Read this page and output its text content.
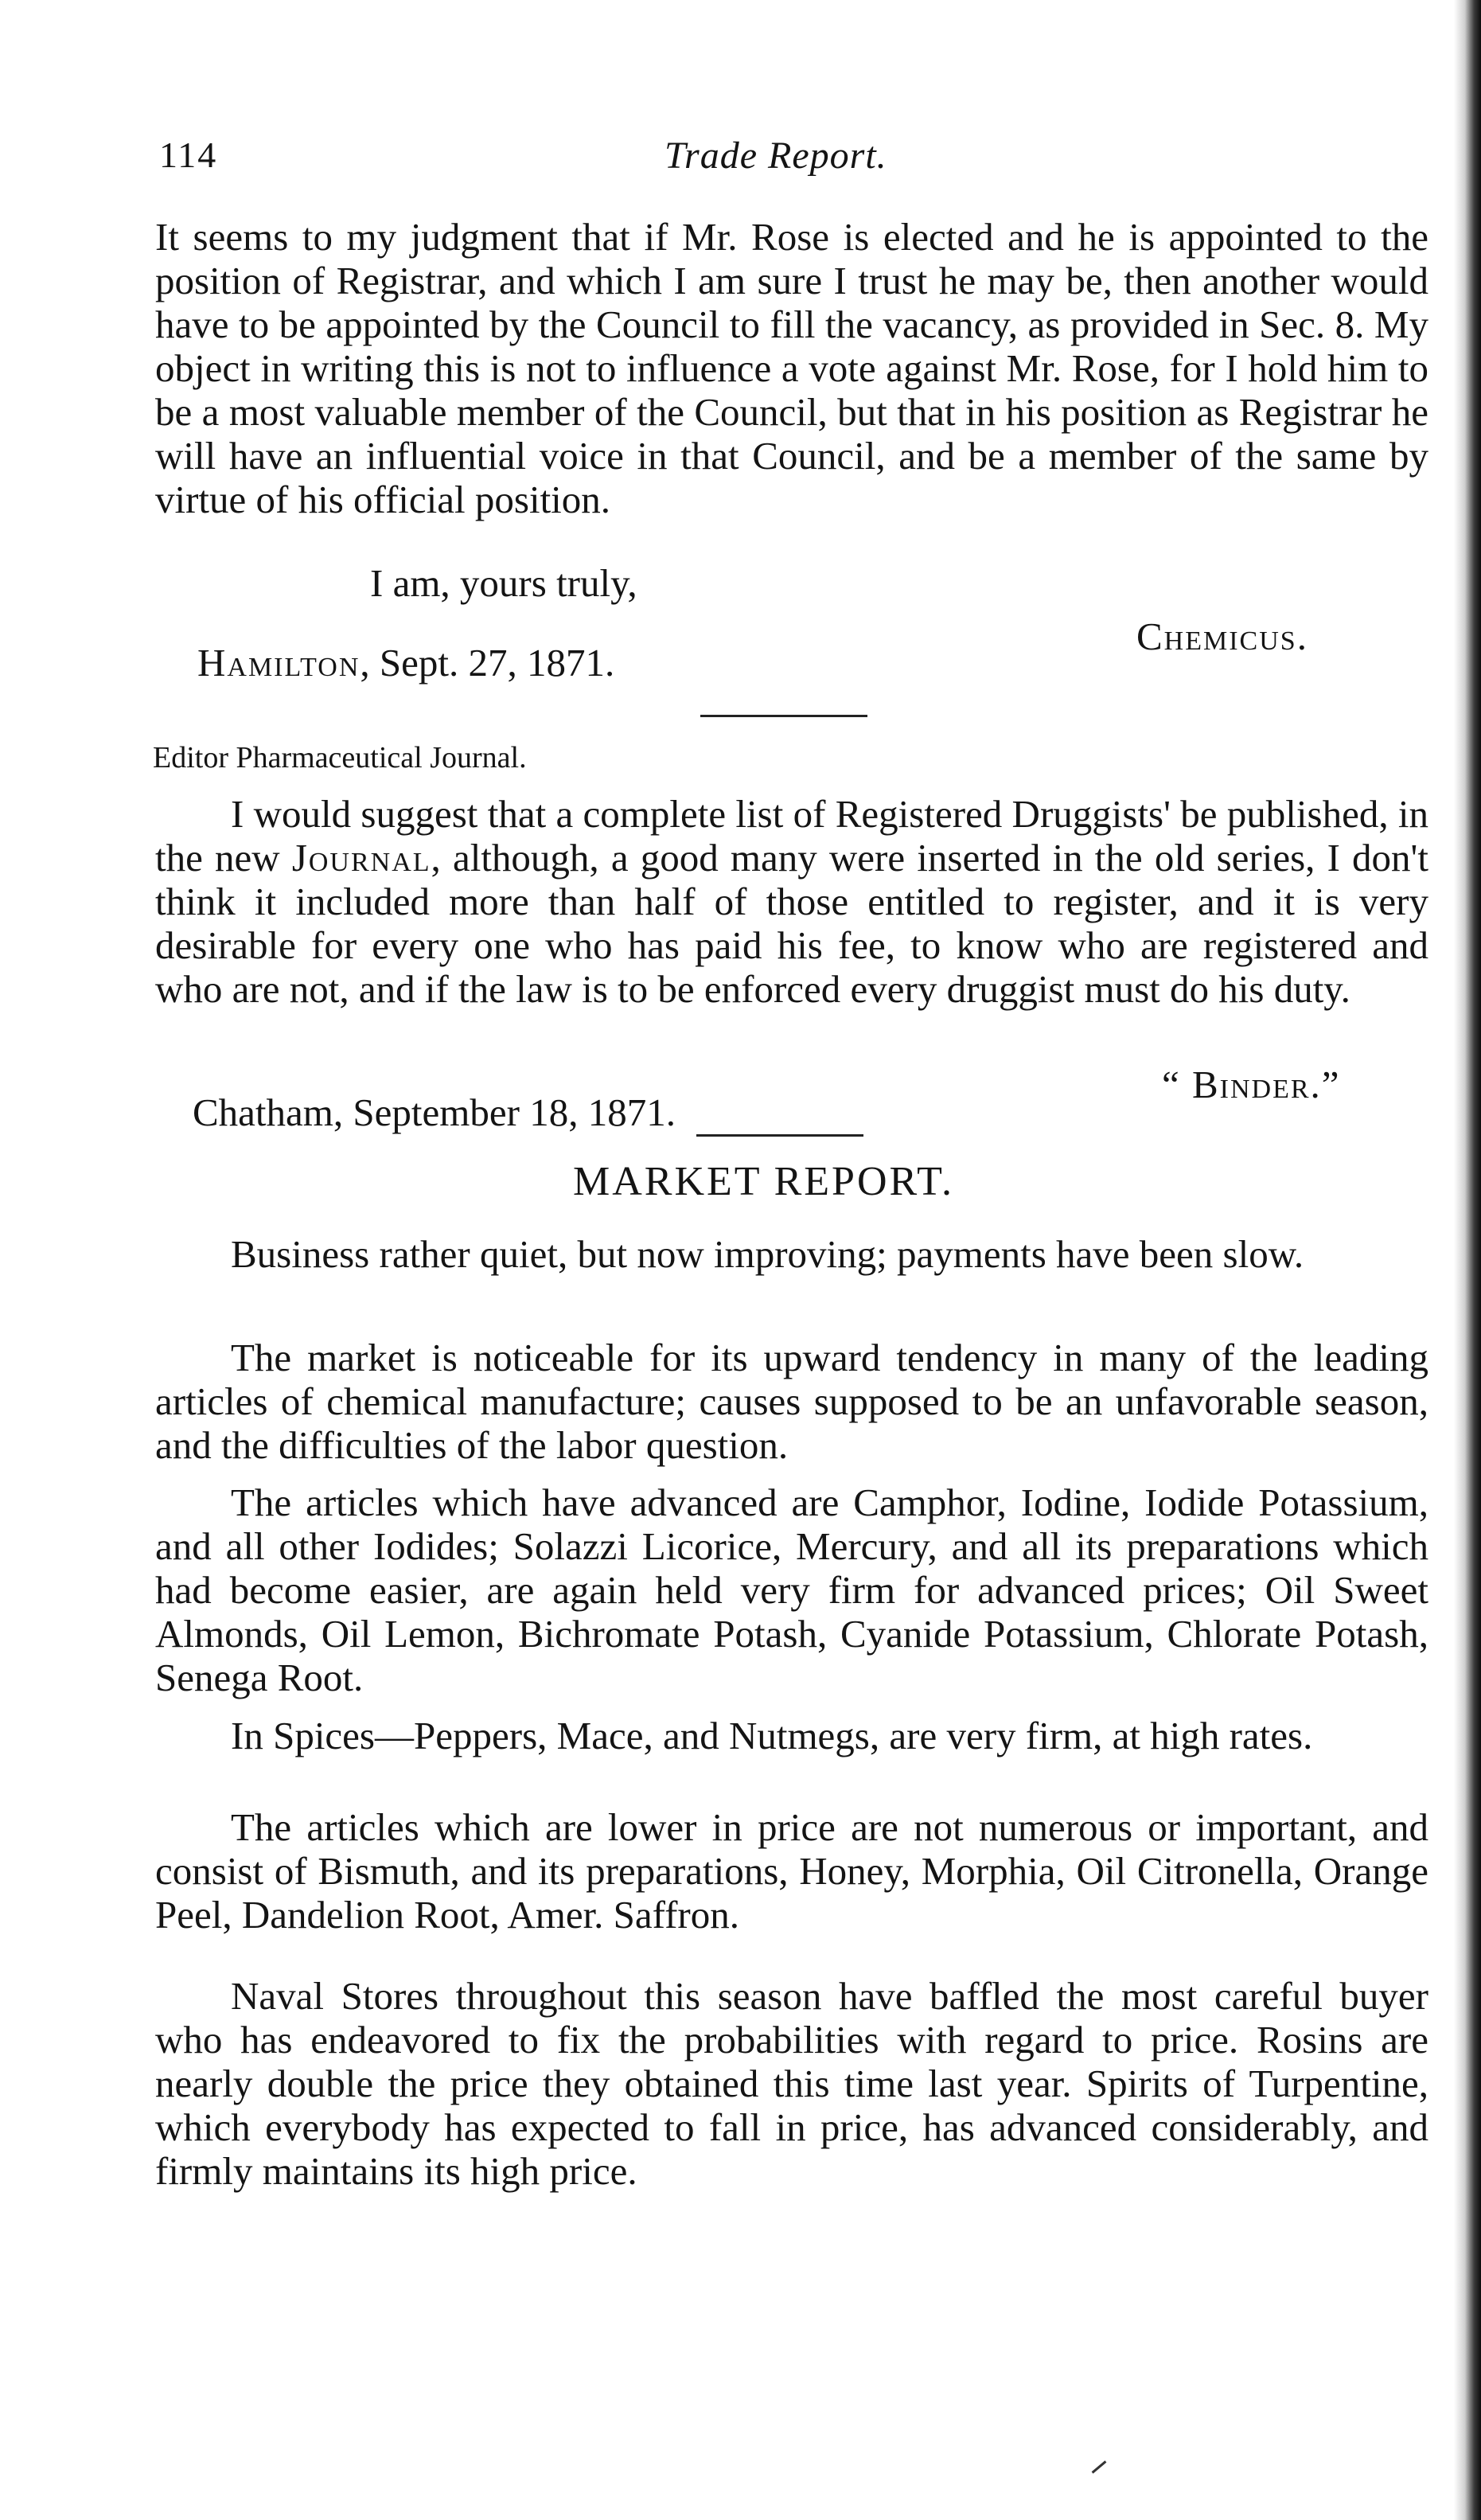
114	Trade Report.
It seems to my judgment that if Mr. Rose is elected and he is appointed to the position of Registrar, and which I am sure I trust he may be, then another would have to be appointed by the Council to fill the vacancy, as provided in Sec. 8. My object in writing this is not to influence a vote against Mr. Rose, for I hold him to be a most valuable member of the Council, but that in his position as Registrar he will have an influential voice in that Council, and be a member of the same by virtue of his official position.
I am, yours truly,
Chemicus.
Hamilton, Sept. 27, 1871.
Editor Pharmaceutical Journal.
I would suggest that a complete list of Registered Druggists' be published, in the new Journal, although, a good many were inserted in the old series, I don't think it included more than half of those entitled to register, and it is very desirable for every one who has paid his fee, to know who are registered and who are not, and if the law is to be enforced every druggist must do his duty.
“ Binder.”
Chatham, September 18, 1871.
MARKET REPORT.
Business rather quiet, but now improving; payments have been slow.
The market is noticeable for its upward tendency in many of the leading articles of chemical manufacture; causes supposed to be an unfavorable season, and the difficulties of the labor question.
The articles which have advanced are Camphor, Iodine, Iodide Potassium, and all other Iodides; Solazzi Licorice, Mercury, and all its preparations which had become easier, are again held very firm for advanced prices; Oil Sweet Almonds, Oil Lemon, Bichromate Potash, Cyanide Potassium, Chlorate Potash, Senega Root.
In Spices—Peppers, Mace, and Nutmegs, are very firm, at high rates.
The articles which are lower in price are not numerous or important, and consist of Bismuth, and its preparations, Honey, Morphia, Oil Citronella, Orange Peel, Dandelion Root, Amer. Saffron.
Naval Stores throughout this season have baffled the most careful buyer who has endeavored to fix the probabilities with regard to price. Rosins are nearly double the price they obtained this time last year. Spirits of Turpentine, which everybody has expected to fall in price, has advanced considerably, and firmly maintains its high price.
